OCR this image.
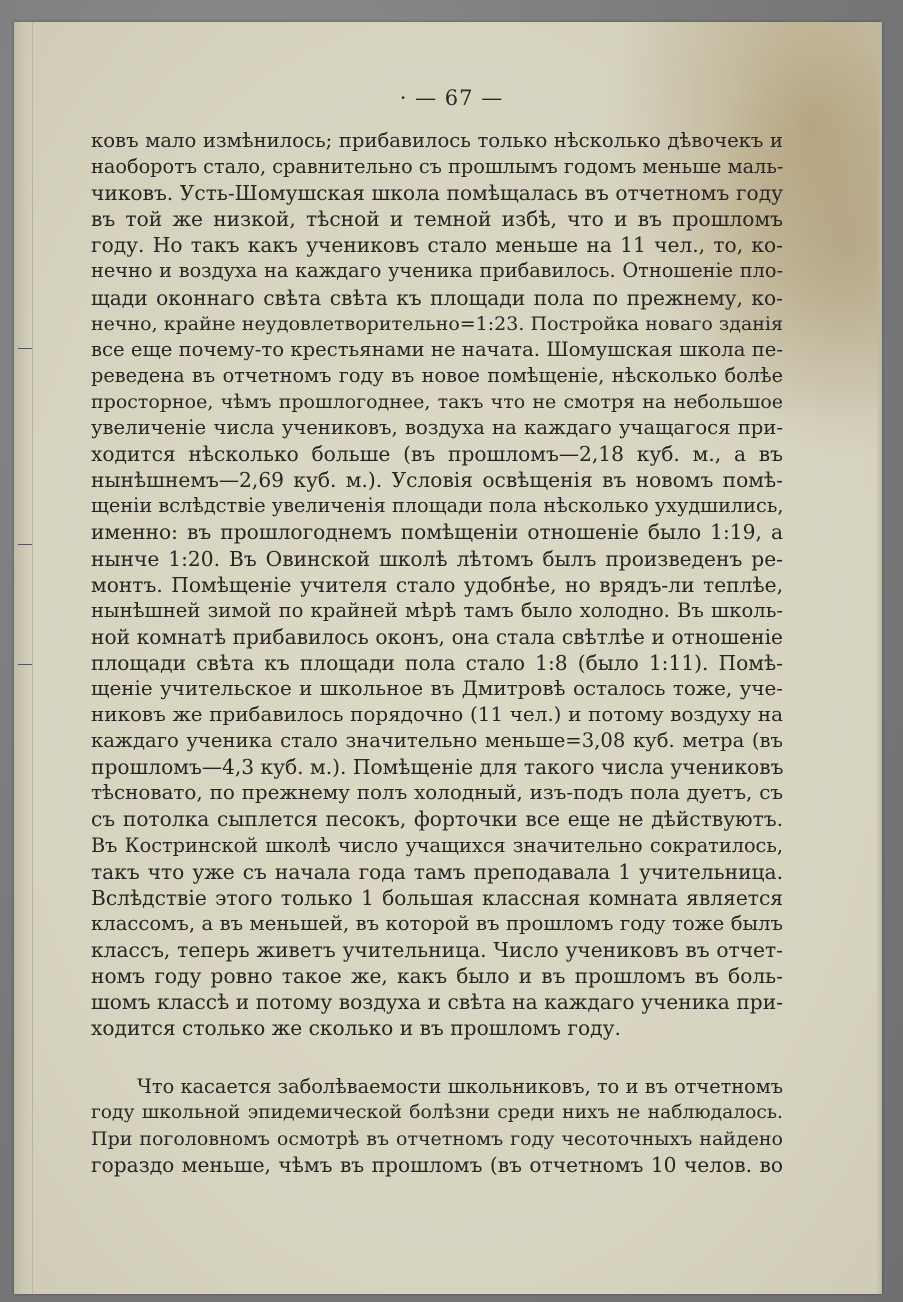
· — 67 —
ковъ мало измѣнилось; прибавилось только нѣсколько дѣвочекъ и
наоборотъ стало, сравнительно съ прошлымъ годомъ меньше маль-
чиковъ. Усть-Шомушская школа помѣщалась въ отчетномъ году
въ той же низкой, тѣсной и темной избѣ, что и въ прошломъ
году. Но такъ какъ учениковъ стало меньше на 11 чел., то, ко-
нечно и воздуха на каждаго ученика прибавилось. Отношеніе пло-
щади оконнаго свѣта свѣта къ площади пола по прежнему, ко-
нечно, крайне неудовлетворительно=1:23. Постройка новаго зданія
все еще почему-то крестьянами не начата. Шомушская школа пе-
реведена въ отчетномъ году въ новое помѣщеніе, нѣсколько болѣе
просторное, чѣмъ прошлогоднее, такъ что не смотря на небольшое
увеличеніе числа учениковъ, воздуха на каждаго учащагося при-
ходится нѣсколько больше (въ прошломъ—2,18 куб. м., а въ
нынѣшнемъ—2,69 куб. м.). Условія освѣщенія въ новомъ помѣ-
щеніи вслѣдствіе увеличенія площади пола нѣсколько ухудшились,
именно: въ прошлогоднемъ помѣщеніи отношеніе было 1:19, а
нынче 1:20. Въ Овинской школѣ лѣтомъ былъ произведенъ ре-
монтъ. Помѣщеніе учителя стало удобнѣе, но врядъ-ли теплѣе,
нынѣшней зимой по крайней мѣрѣ тамъ было холодно. Въ школь-
ной комнатѣ прибавилось оконъ, она стала свѣтлѣе и отношеніе
площади свѣта къ площади пола стало 1:8 (было 1:11). Помѣ-
щеніе учительское и школьное въ Дмитровѣ осталось тоже, уче-
никовъ же прибавилось порядочно (11 чел.) и потому воздуху на
каждаго ученика стало значительно меньше=3,08 куб. метра (въ
прошломъ—4,3 куб. м.). Помѣщеніе для такого числа учениковъ
тѣсновато, по прежнему полъ холодный, изъ-подъ пола дуетъ, съ
съ потолка сыплется песокъ, форточки все еще не дѣйствуютъ.
Въ Костринской школѣ число учащихся значительно сократилось,
такъ что уже съ начала года тамъ преподавала 1 учительница.
Вслѣдствіе этого только 1 большая классная комната является
классомъ, а въ меньшей, въ которой въ прошломъ году тоже былъ
классъ, теперь живетъ учительница. Число учениковъ въ отчет-
номъ году ровно такое же, какъ было и въ прошломъ въ боль-
шомъ классѣ и потому воздуха и свѣта на каждаго ученика при-
ходится столько же сколько и въ прошломъ году.
Что касается заболѣваемости школьниковъ, то и въ отчетномъ
году школьной эпидемической болѣзни среди нихъ не наблюдалось.
При поголовномъ осмотрѣ въ отчетномъ году чесоточныхъ найдено
гораздо меньше, чѣмъ въ прошломъ (въ отчетномъ 10 челов. во
